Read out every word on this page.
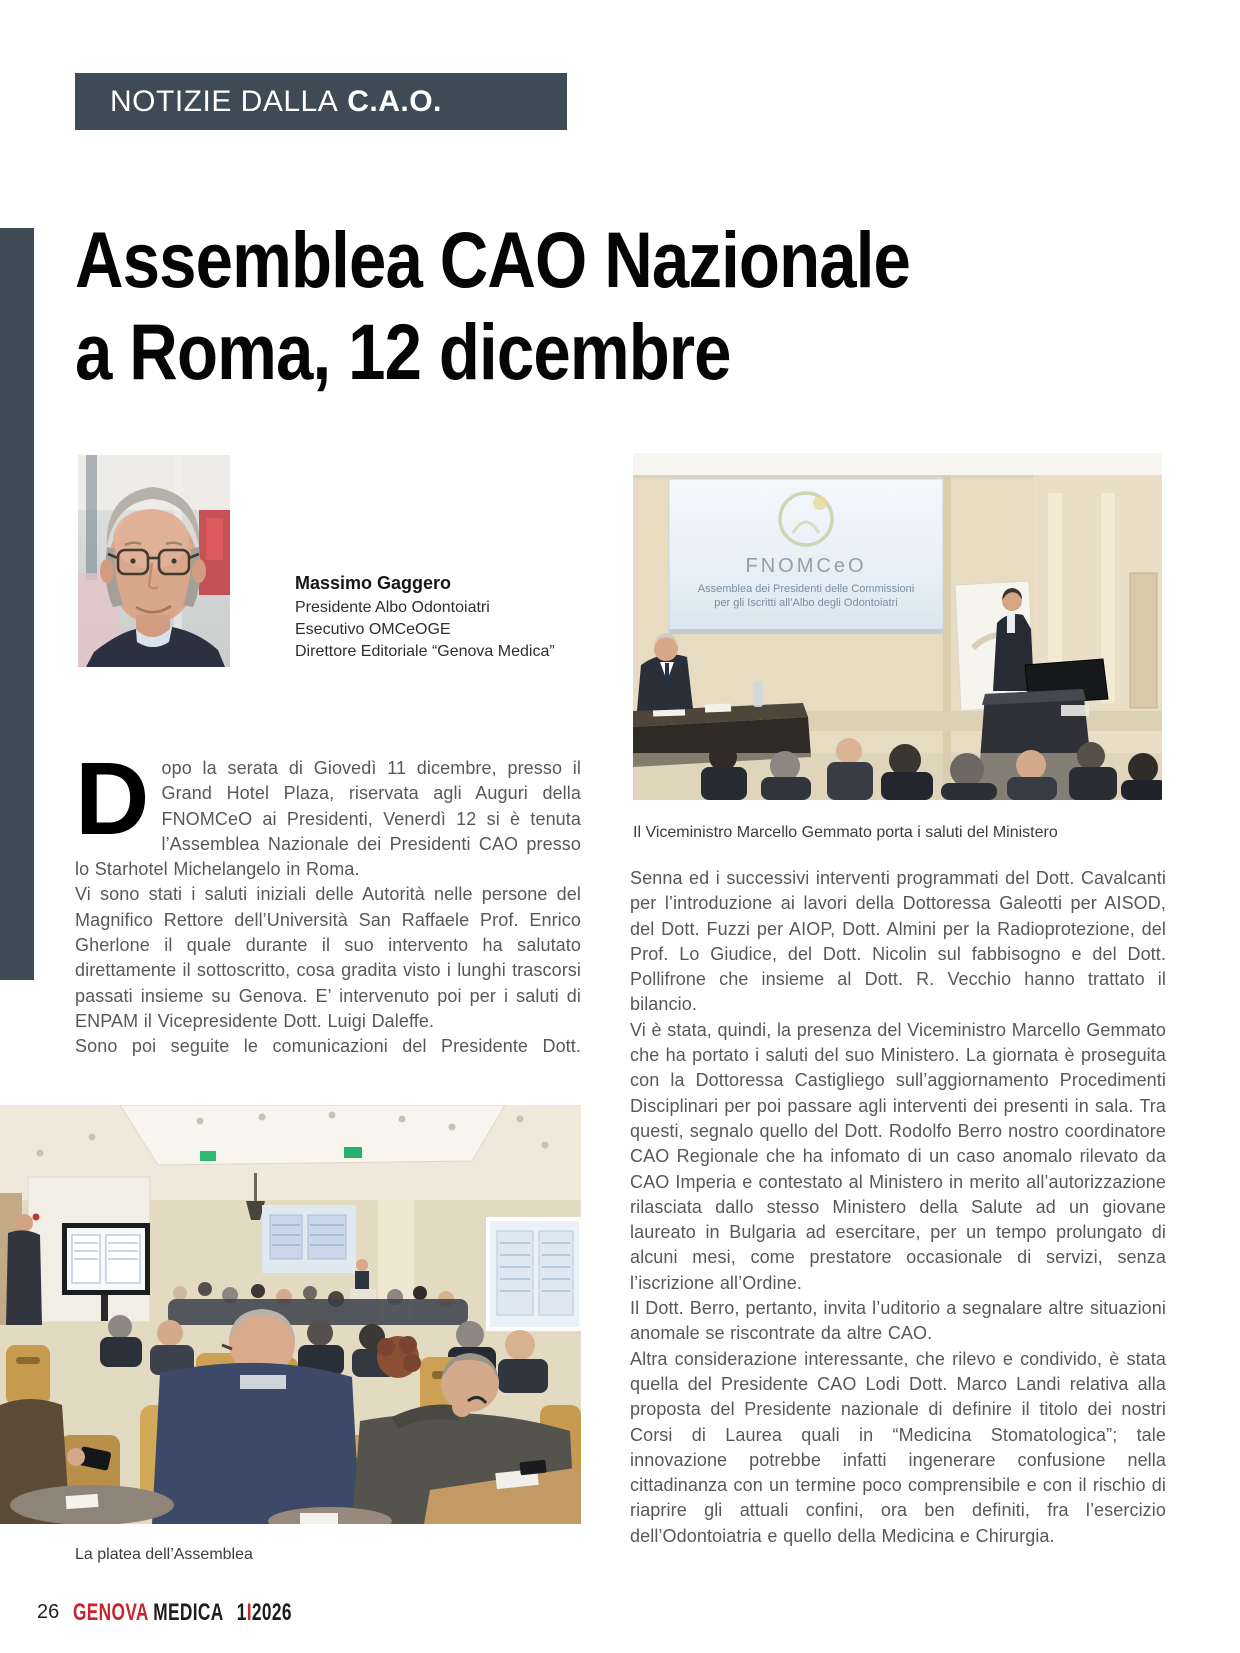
NOTIZIE DALLA C.A.O.
Assemblea CAO Nazionale
a Roma, 12 dicembre
Massimo Gaggero
Presidente Albo Odontoiatri
Esecutivo OMCeOGE
Direttore Editoriale “Genova Medica”
FNOMCeO
Assemblea dei Presidenti delle Commissioni
per gli Iscritti all’Albo degli Odontoiatri
Il Viceministro Marcello Gemmato porta i saluti del Ministero

Dopo la serata di Giovedì 11 dicembre, presso il Grand Hotel Plaza, riservata agli Auguri della FNOMCeO ai Presidenti, Venerdì 12 si è tenuta l’Assemblea Nazionale dei Presidenti CAO presso lo Starhotel Michelangelo in Roma.

Vi sono stati i saluti iniziali delle Autorità nelle persone del Magnifico Rettore dell’Università San Raffaele Prof. Enrico Gherlone il quale durante il suo intervento ha salutato direttamente il sottoscritto, cosa gradita visto i lunghi trascorsi passati insieme su Genova. E’ intervenuto poi per i saluti di ENPAM il Vicepresidente Dott. Luigi Daleffe.

Sono poi seguite le comunicazioni del Presidente Dott.

Senna ed i successivi interventi programmati del Dott. Cavalcanti per l’introduzione ai lavori della Dottoressa Galeotti per AISOD, del Dott. Fuzzi per AIOP, Dott. Almini per la Radioprotezione, del Prof. Lo Giudice, del Dott. Nicolin sul fabbisogno e del Dott. Pollifrone che insieme al Dott. R. Vecchio hanno trattato il bilancio.

Vi è stata, quindi, la presenza del Viceministro Marcello Gemmato che ha portato i saluti del suo Ministero. La giornata è proseguita con la Dottoressa Castigliego sull’aggiornamento Procedimenti Disciplinari per poi passare agli interventi dei presenti in sala. Tra questi, segnalo quello del Dott. Rodolfo Berro nostro coordinatore CAO Regionale che ha infomato di un caso anomalo rilevato da CAO Imperia e contestato al Ministero in merito all’autorizzazione rilasciata dallo stesso Ministero della Salute ad un giovane laureato in Bulgaria ad esercitare, per un tempo prolungato di alcuni mesi, come prestatore occasionale di servizi, senza l’iscrizione all’Ordine.

Il Dott. Berro, pertanto, invita l’uditorio a segnalare altre situazioni anomale se riscontrate da altre CAO.

Altra considerazione interessante, che rilevo e condivido, è stata quella del Presidente CAO Lodi Dott. Marco Landi relativa alla proposta del Presidente nazionale di definire il titolo dei nostri Corsi di Laurea quali in “Medicina Stomatologica”; tale innovazione potrebbe infatti ingenerare confusione nella cittadinanza con un termine poco comprensibile e con il rischio di riaprire gli attuali confini, ora ben definiti, fra l’esercizio dell’Odontoiatria e quello della Medicina e Chirurgia.

La platea dell’Assemblea
26 GENOVA MEDICA 1I2026
